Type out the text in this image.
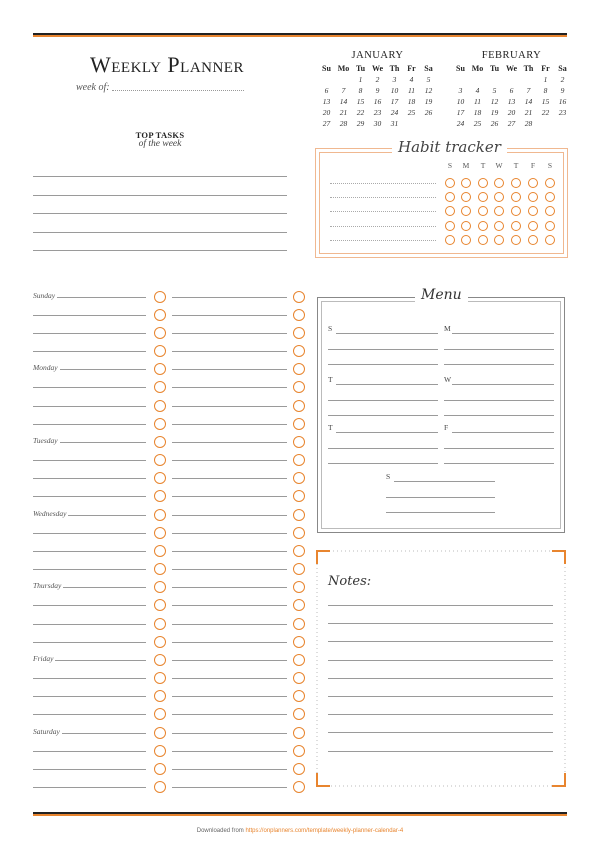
Weekly Planner
week of:
JANUARY
Su	Mo	Tu	We	Th	Fr	Sa
		1	2	3	4	5
6	7	8	9	10	11	12
13	14	15	16	17	18	19
20	21	22	23	24	25	26
27	28	29	30	31		
FEBRUARY
Su	Mo	Tu	We	Th	Fr	Sa
					1	2
3	4	5	6	7	8	9
10	11	12	13	14	15	16
17	18	19	20	21	22	23
24	25	26	27	28		
TOP TASKS
of the week	Habit tracker
S	M	T	W	T	F	S
Sunday
Monday
Tuesday
Wednesday
Thursday
Friday
Saturday
Menu
S	M
T	W
T	F
S
Notes:
Downloaded from https://onplanners.com/template/weekly-planner-calendar-4
